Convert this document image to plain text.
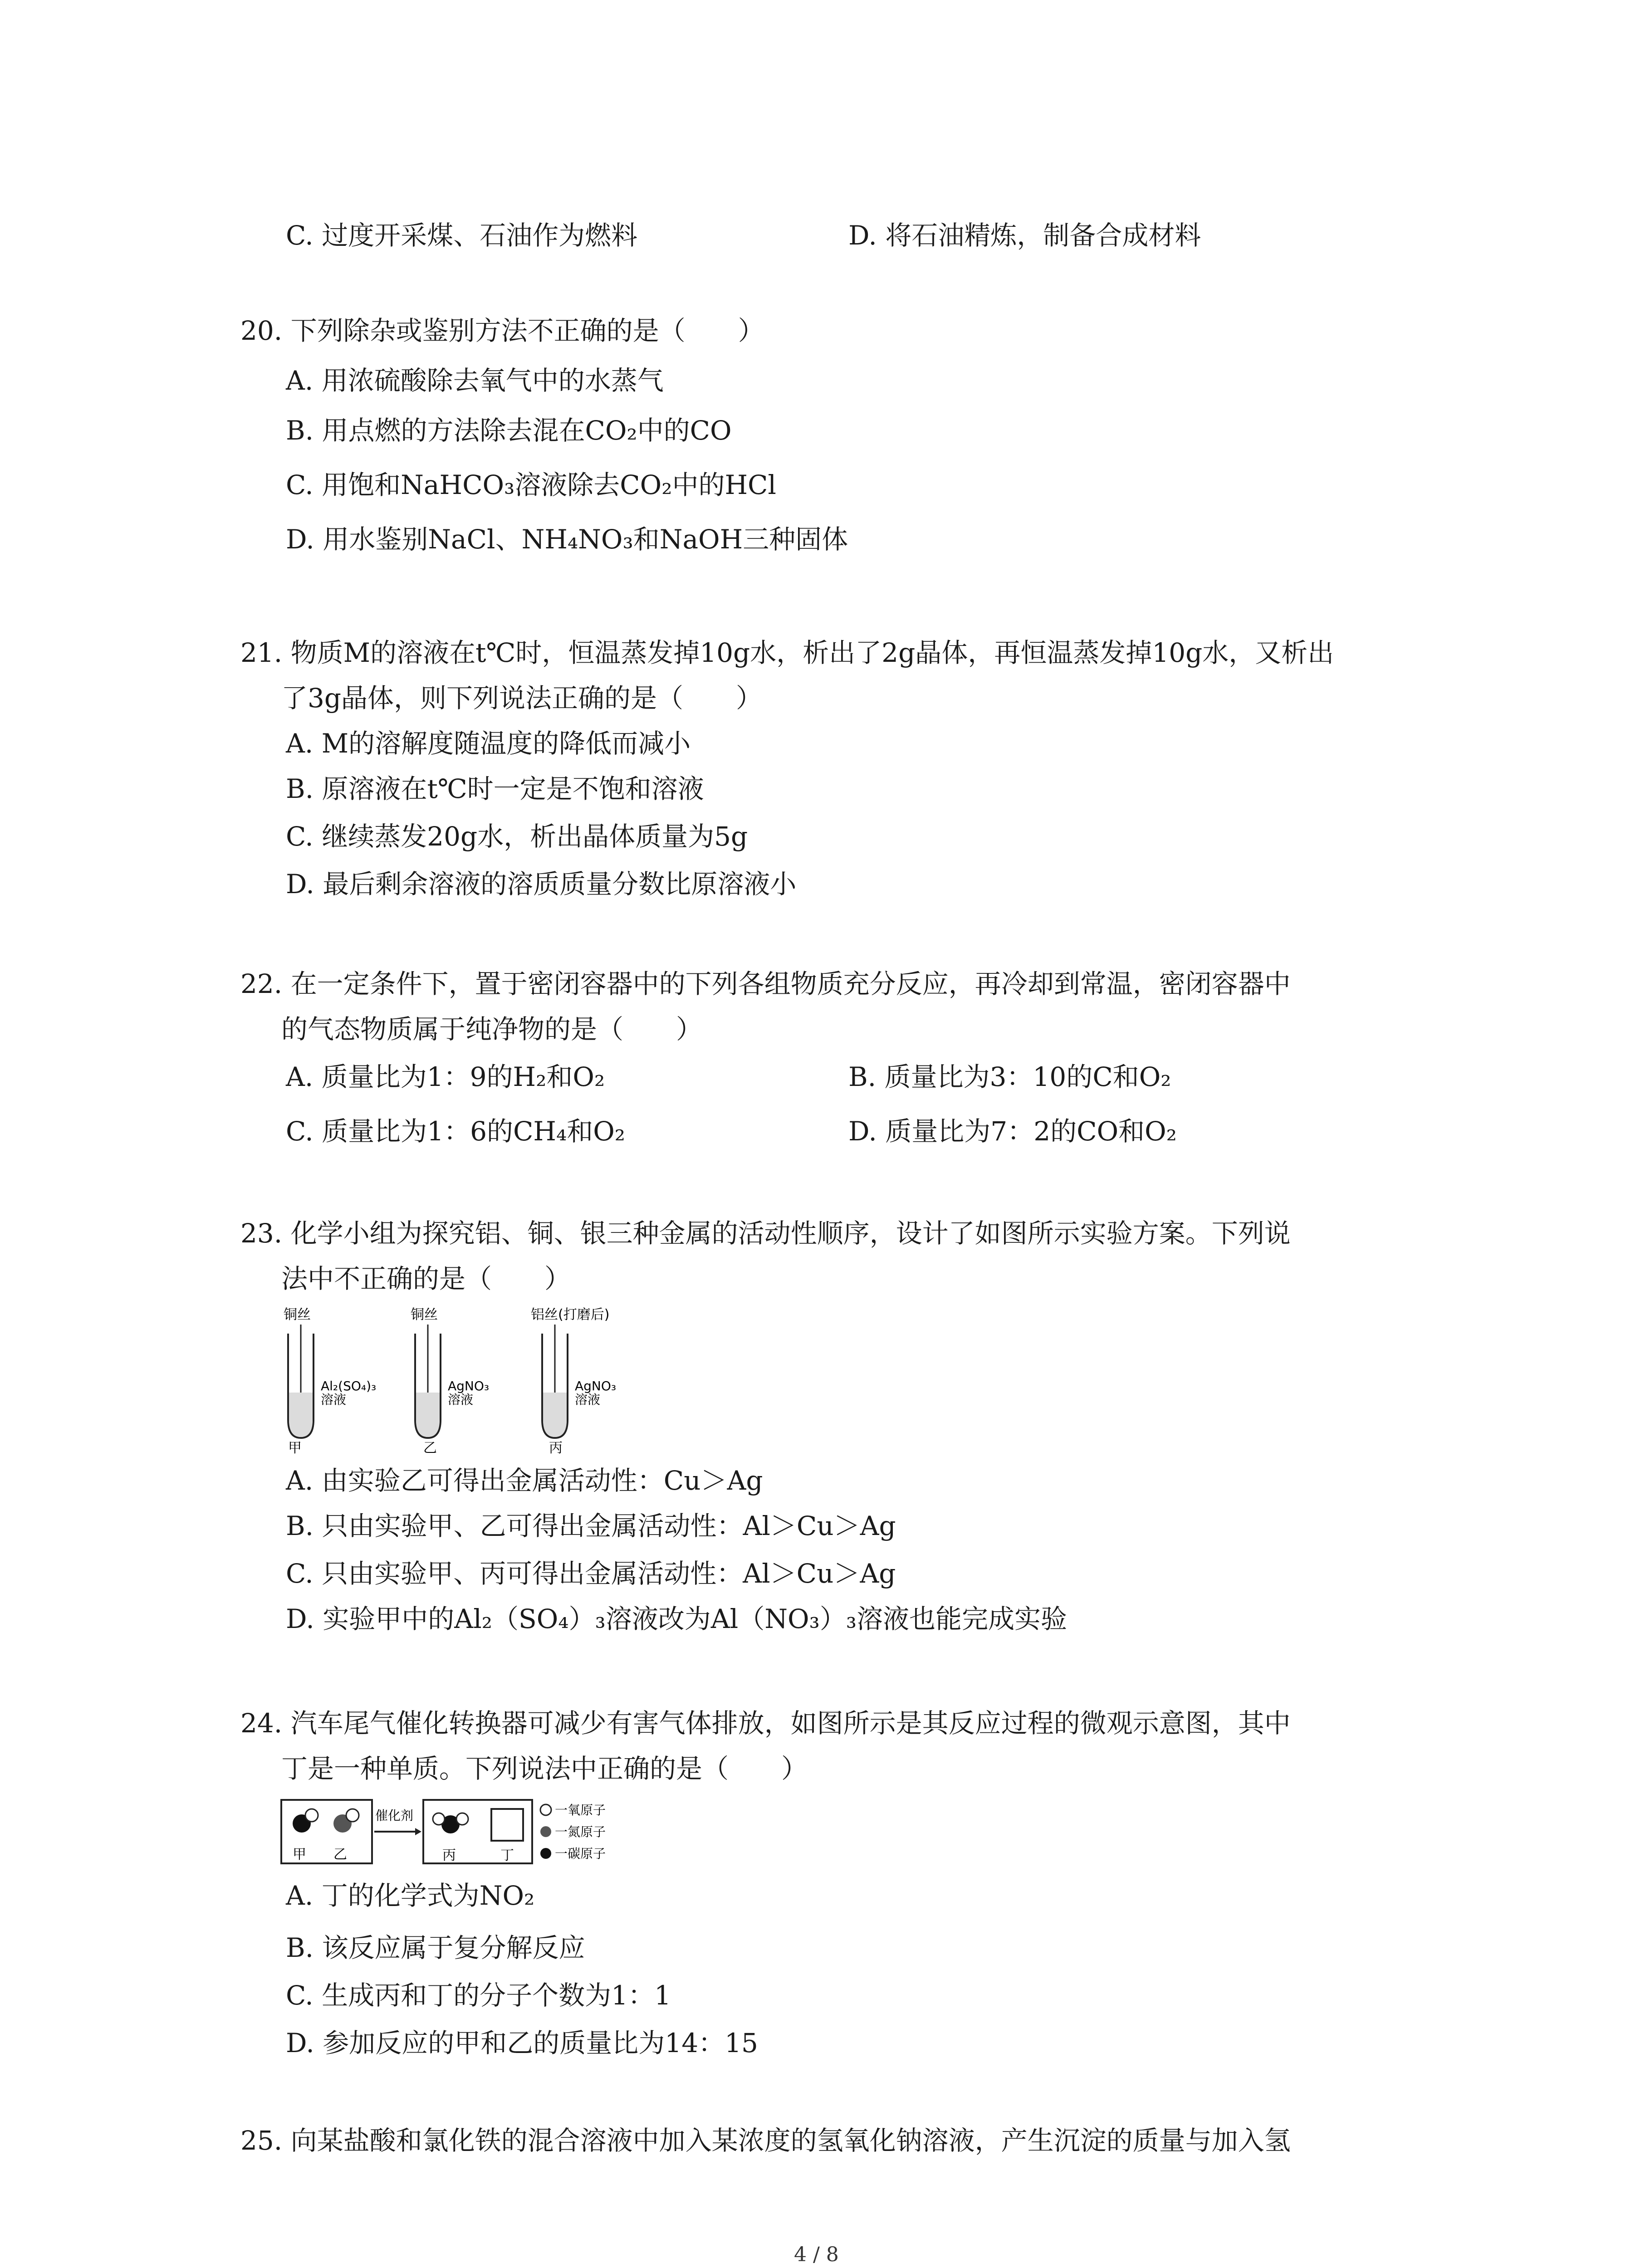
C. 过度开采煤、石油作为燃料	D. 将石油精炼，制备合成材料
20. 下列除杂或鉴别方法不正确的是（　　）
A. 用浓硫酸除去氧气中的水蒸气
B. 用点燃的方法除去混在CO₂中的CO
C. 用饱和NaHCO₃溶液除去CO₂中的HCl
D. 用水鉴别NaCl、NH₄NO₃和NaOH三种固体
21. 物质M的溶液在t℃时，恒温蒸发掉10g水，析出了2g晶体，再恒温蒸发掉10g水，又析出
了3g晶体，则下列说法正确的是（　　）
A. M的溶解度随温度的降低而减小
B. 原溶液在t℃时一定是不饱和溶液
C. 继续蒸发20g水，析出晶体质量为5g
D. 最后剩余溶液的溶质质量分数比原溶液小
22. 在一定条件下，置于密闭容器中的下列各组物质充分反应，再冷却到常温，密闭容器中
的气态物质属于纯净物的是（　　）
A. 质量比为1：9的H₂和O₂	B. 质量比为3：10的C和O₂
C. 质量比为1：6的CH₄和O₂	D. 质量比为7：2的CO和O₂
23. 化学小组为探究铝、铜、银三种金属的活动性顺序，设计了如图所示实验方案。下列说
法中不正确的是（　　）
铜丝
Al₂(SO₄)₃
溶液
甲
铜丝
AgNO₃
溶液
乙
铝丝(打磨后)
AgNO₃
溶液
丙
A. 由实验乙可得出金属活动性：Cu＞Ag
B. 只由实验甲、乙可得出金属活动性：Al＞Cu＞Ag
C. 只由实验甲、丙可得出金属活动性：Al＞Cu＞Ag
D. 实验甲中的Al₂（SO₄）₃溶液改为Al（NO₃）₃溶液也能完成实验
24. 汽车尾气催化转换器可减少有害气体排放，如图所示是其反应过程的微观示意图，其中
丁是一种单质。下列说法中正确的是（　　）
甲 乙
催化剂
丙	丁
一氧原子
一氮原子
一碳原子
A. 丁的化学式为NO₂
B. 该反应属于复分解反应
C. 生成丙和丁的分子个数为1：1
D. 参加反应的甲和乙的质量比为14：15
25. 向某盐酸和氯化铁的混合溶液中加入某浓度的氢氧化钠溶液，产生沉淀的质量与加入氢
4 / 8
